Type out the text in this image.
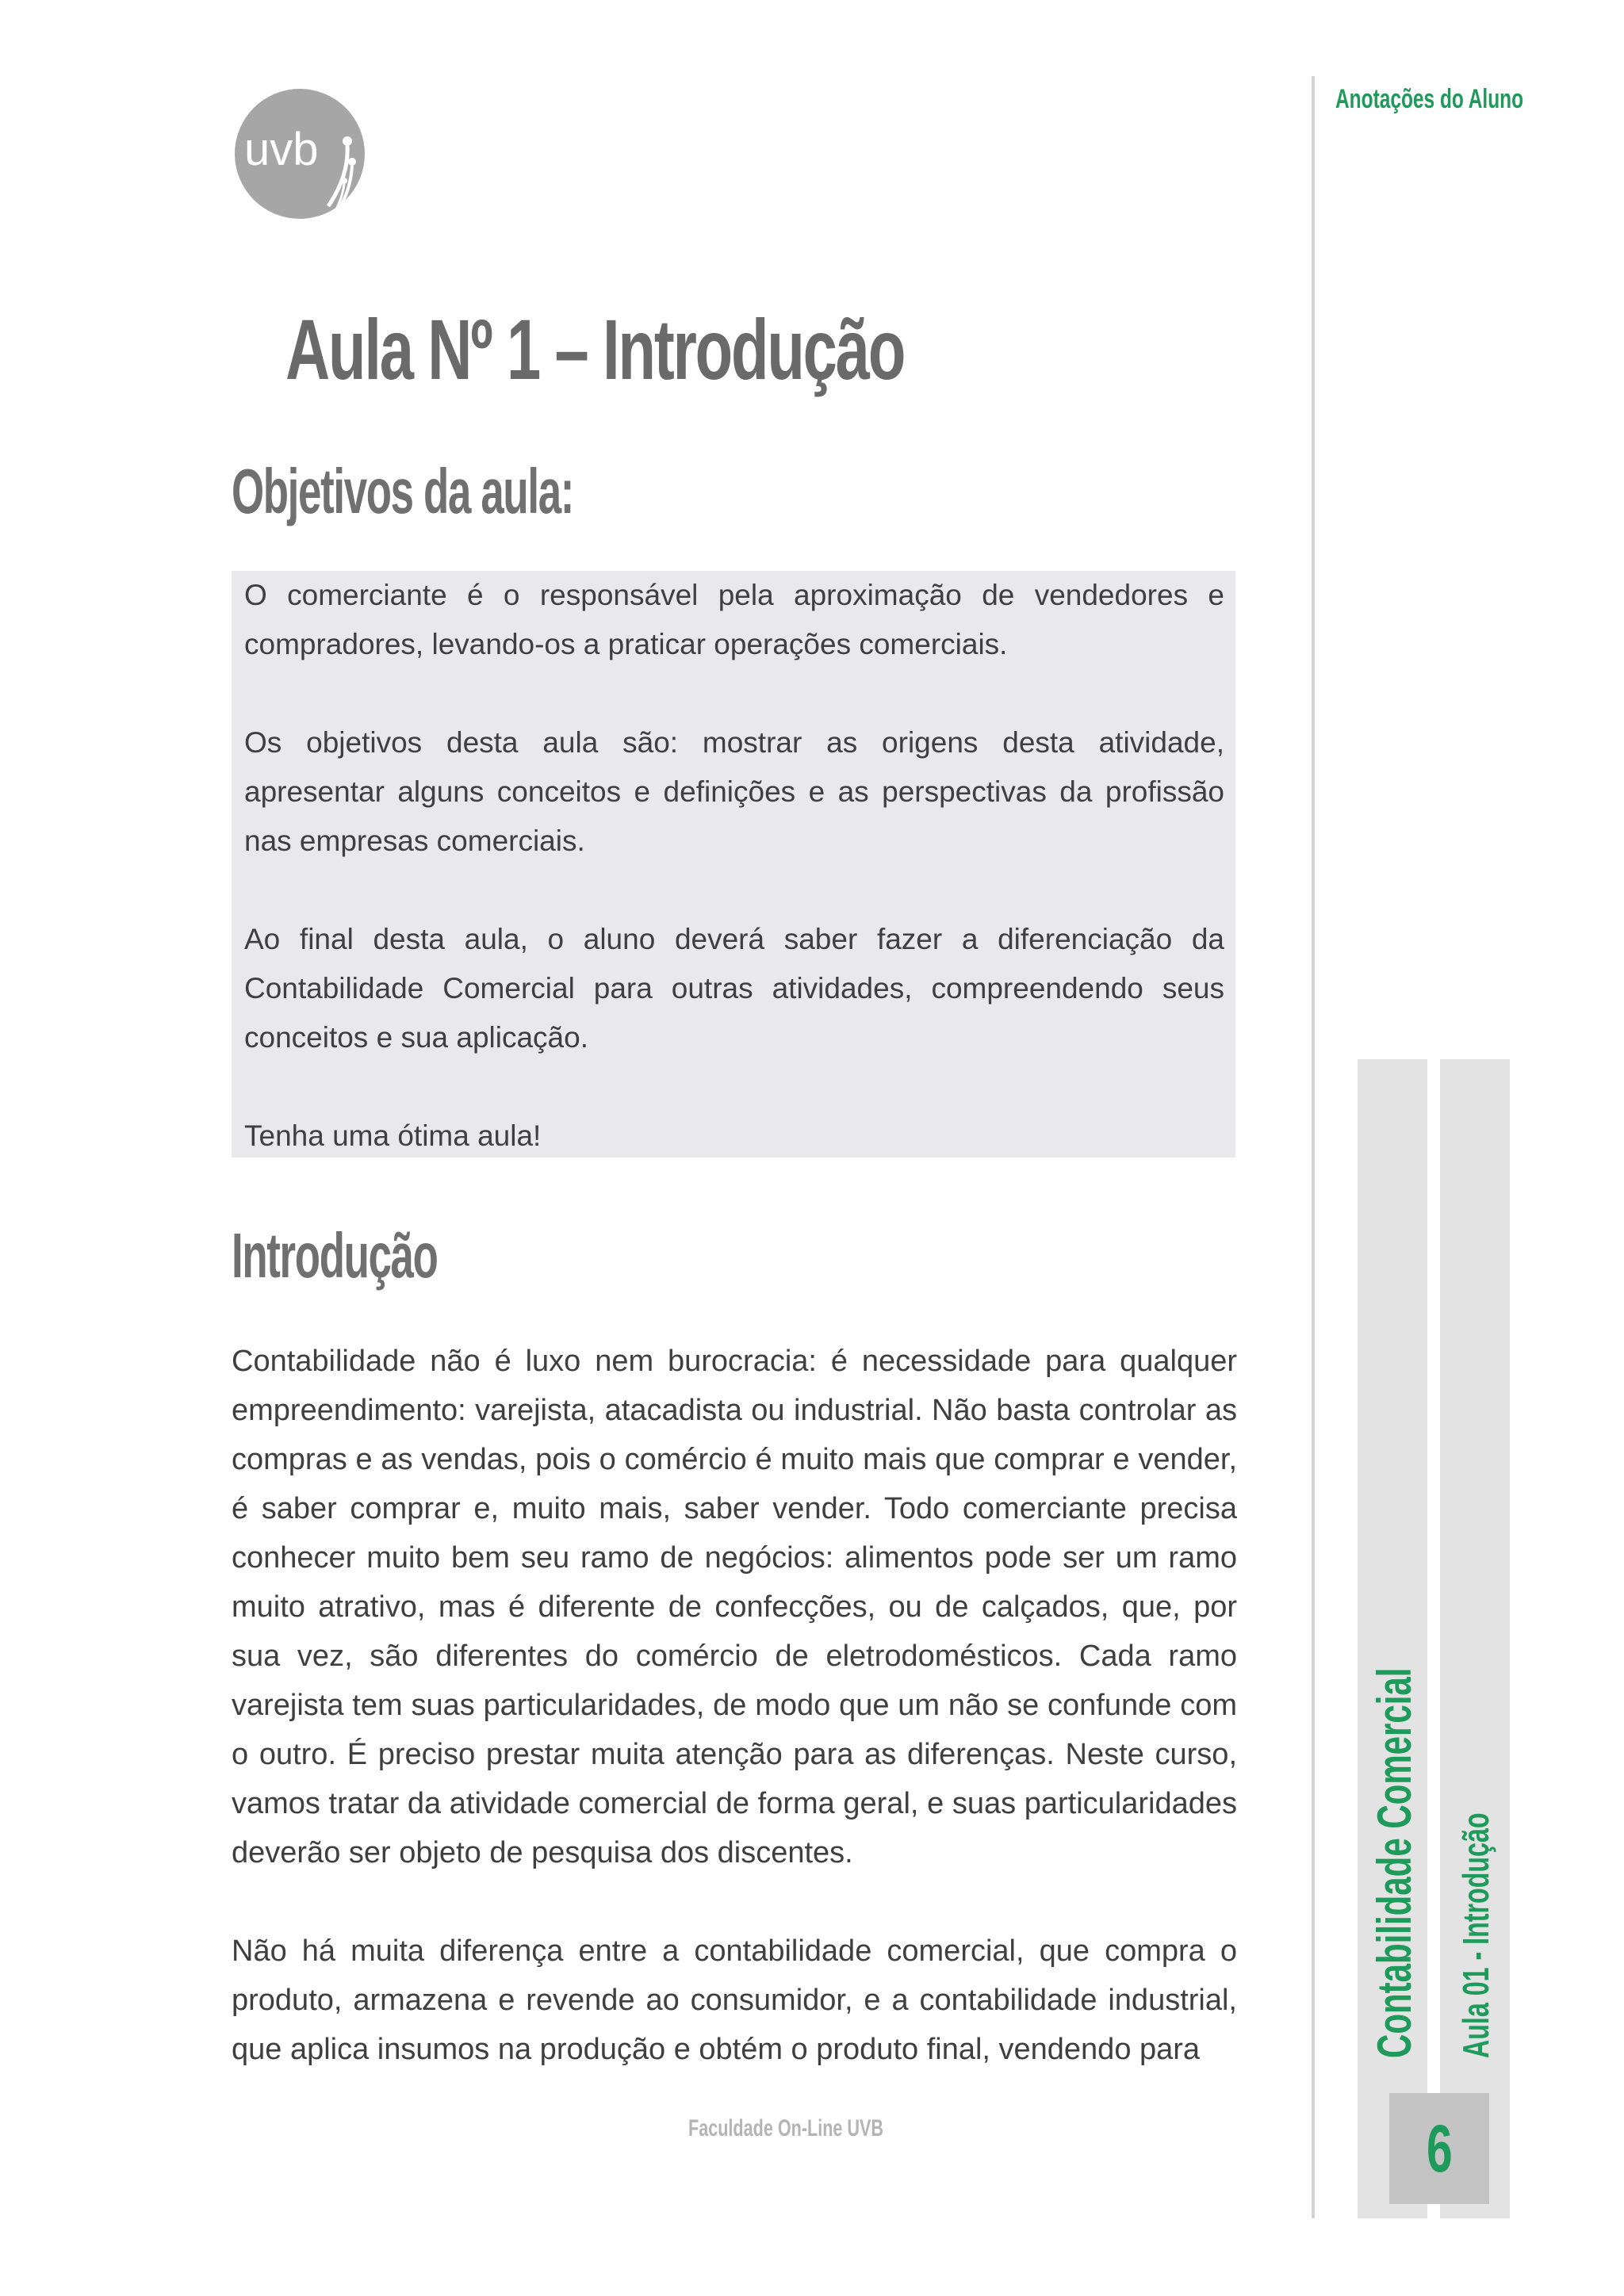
uvb
Aula Nº 1 – Introdução
Objetivos da aula:

O comerciante é o responsável pela aproximação de vendedores e compradores, levando-os a praticar operações comerciais.

Os objetivos desta aula são: mostrar as origens desta atividade, apresentar alguns conceitos e definições e as perspectivas da profissão nas empresas comerciais.

Ao final desta aula, o aluno deverá saber fazer a diferenciação da Contabilidade Comercial para outras atividades, compreendendo seus conceitos e sua aplicação.

Tenha uma ótima aula!

Introdução

Contabilidade não é luxo nem burocracia: é necessidade para qualquer empreendimento: varejista, atacadista ou industrial. Não basta controlar as compras e as vendas, pois o comércio é muito mais que comprar e vender, é saber comprar e, muito mais, saber vender. Todo comerciante precisa conhecer muito bem seu ramo de negócios: alimentos pode ser um ramo muito atrativo, mas é diferente de confecções, ou de calçados, que, por sua vez, são diferentes do comércio de eletrodomésticos. Cada ramo varejista tem suas particularidades, de modo que um não se confunde com o outro. É preciso prestar muita atenção para as diferenças. Neste curso, vamos tratar da atividade comercial de forma geral, e suas particularidades deverão ser objeto de pesquisa dos discentes.

Não há muita diferença entre a contabilidade comercial, que compra o produto, armazena e revende ao consumidor, e a contabilidade industrial, que aplica insumos na produção e obtém o produto final, vendendo para

Faculdade On-Line UVB
Anotações do Aluno
Contabilidade Comercial Aula 01 - Introdução
6
